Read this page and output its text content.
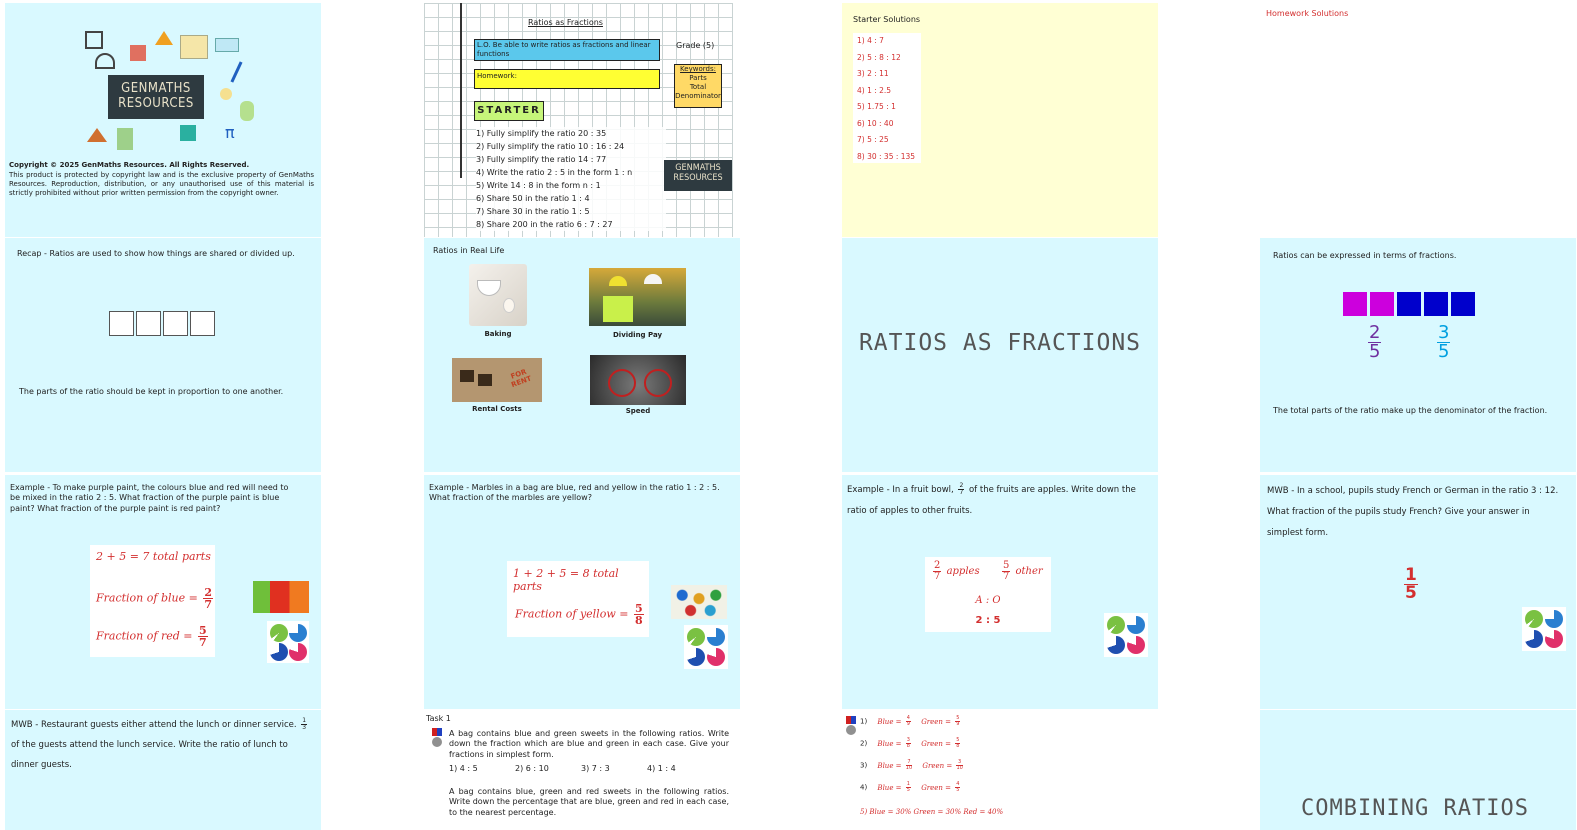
π
GENMATHS
RESOURCES
Copyright © 2025 GenMaths Resources. All Rights Reserved.
This product is protected by copyright law and is the exclusive property of GenMaths Resources. Reproduction, distribution, or any unauthorised use of this material is strictly prohibited without prior written permission from the copyright owner.
Ratios as Fractions
L.O. Be able to write ratios as fractions and linear functions
Grade (5)
Homework:
Keywords:
Parts
Total
Denominator
STARTER
1) Fully simplify the ratio 20 : 35
2) Fully simplify the ratio 10 : 16 : 24
3) Fully simplify the ratio 14 : 77
4) Write the ratio 2 : 5 in the form 1 : n
5) Write 14 : 8 in the form n : 1
6) Share 50 in the ratio 1 : 4
7) Share 30 in the ratio 1 : 5
8) Share 200 in the ratio 6 : 7 : 27
GENMATHS
RESOURCES
Starter Solutions
1) 4 : 7
2) 5 : 8 : 12
3) 2 : 11
4) 1 : 2.5
5) 1.75 : 1
6) 10 : 40
7) 5 : 25
8) 30 : 35 : 135
Homework Solutions
Recap - Ratios are used to show how things are shared or divided up.
The parts of the ratio should be kept in proportion to one another.
Ratios in Real Life
Baking	Dividing Pay
FOR RENT
Rental Costs	Speed
RATIOS AS FRACTIONS
Ratios can be expressed in terms of fractions.
$\frac{2}{5}$	$\frac{3}{5}$
The total parts of the ratio make up the denominator of the fraction.
Example - To make purple paint, the colours blue and red will need to be mixed in the ratio 2 : 5. What fraction of the purple paint is blue paint? What fraction of the purple paint is red paint?
2 + 5 = 7 total parts
Fraction of blue = $\frac{2}{7}$
Fraction of red = $\frac{5}{7}$
Example - Marbles in a bag are blue, red and yellow in the ratio 1 : 2 : 5. What fraction of the marbles are yellow?
1 + 2 + 5 = 8 total parts
Fraction of yellow = $\frac{5}{8}$
Example - In a fruit bowl, $\frac{2}{7}$ of the fruits are apples. Write down the ratio of apples to other fruits.
$\frac{2}{7}$ apples $\frac{5}{7}$ other
A : O
2 : 5
MWB - In a school, pupils study French or German in the ratio 3 : 12. What fraction of the pupils study French? Give your answer in simplest form.
$\frac{1}{5}$
MWB - Restaurant guests either attend the lunch or dinner service. $\frac{1}{3}$
of the guests attend the lunch service. Write the ratio of lunch to dinner guests.
Task 1
A bag contains blue and green sweets in the following ratios. Write down the fraction which are blue and green in each case. Give your fractions in simplest form.
1) 4 : 5	2) 6 : 10	3) 7 : 3	4) 1 : 4
A bag contains blue, green and red sweets in the following ratios. Write down the percentage that are blue, green and red in each case, to the nearest percentage.
1) Blue = $\frac{4}{9}$ Green = $\frac{5}{9}$
2) Blue = $\frac{3}{8}$ Green = $\frac{5}{8}$
3) Blue = $\frac{7}{10}$ Green = $\frac{3}{10}$
4) Blue = $\frac{1}{5}$ Green = $\frac{4}{5}$
5) Blue = 30% Green = 30% Red = 40%	COMBINING RATIOS
